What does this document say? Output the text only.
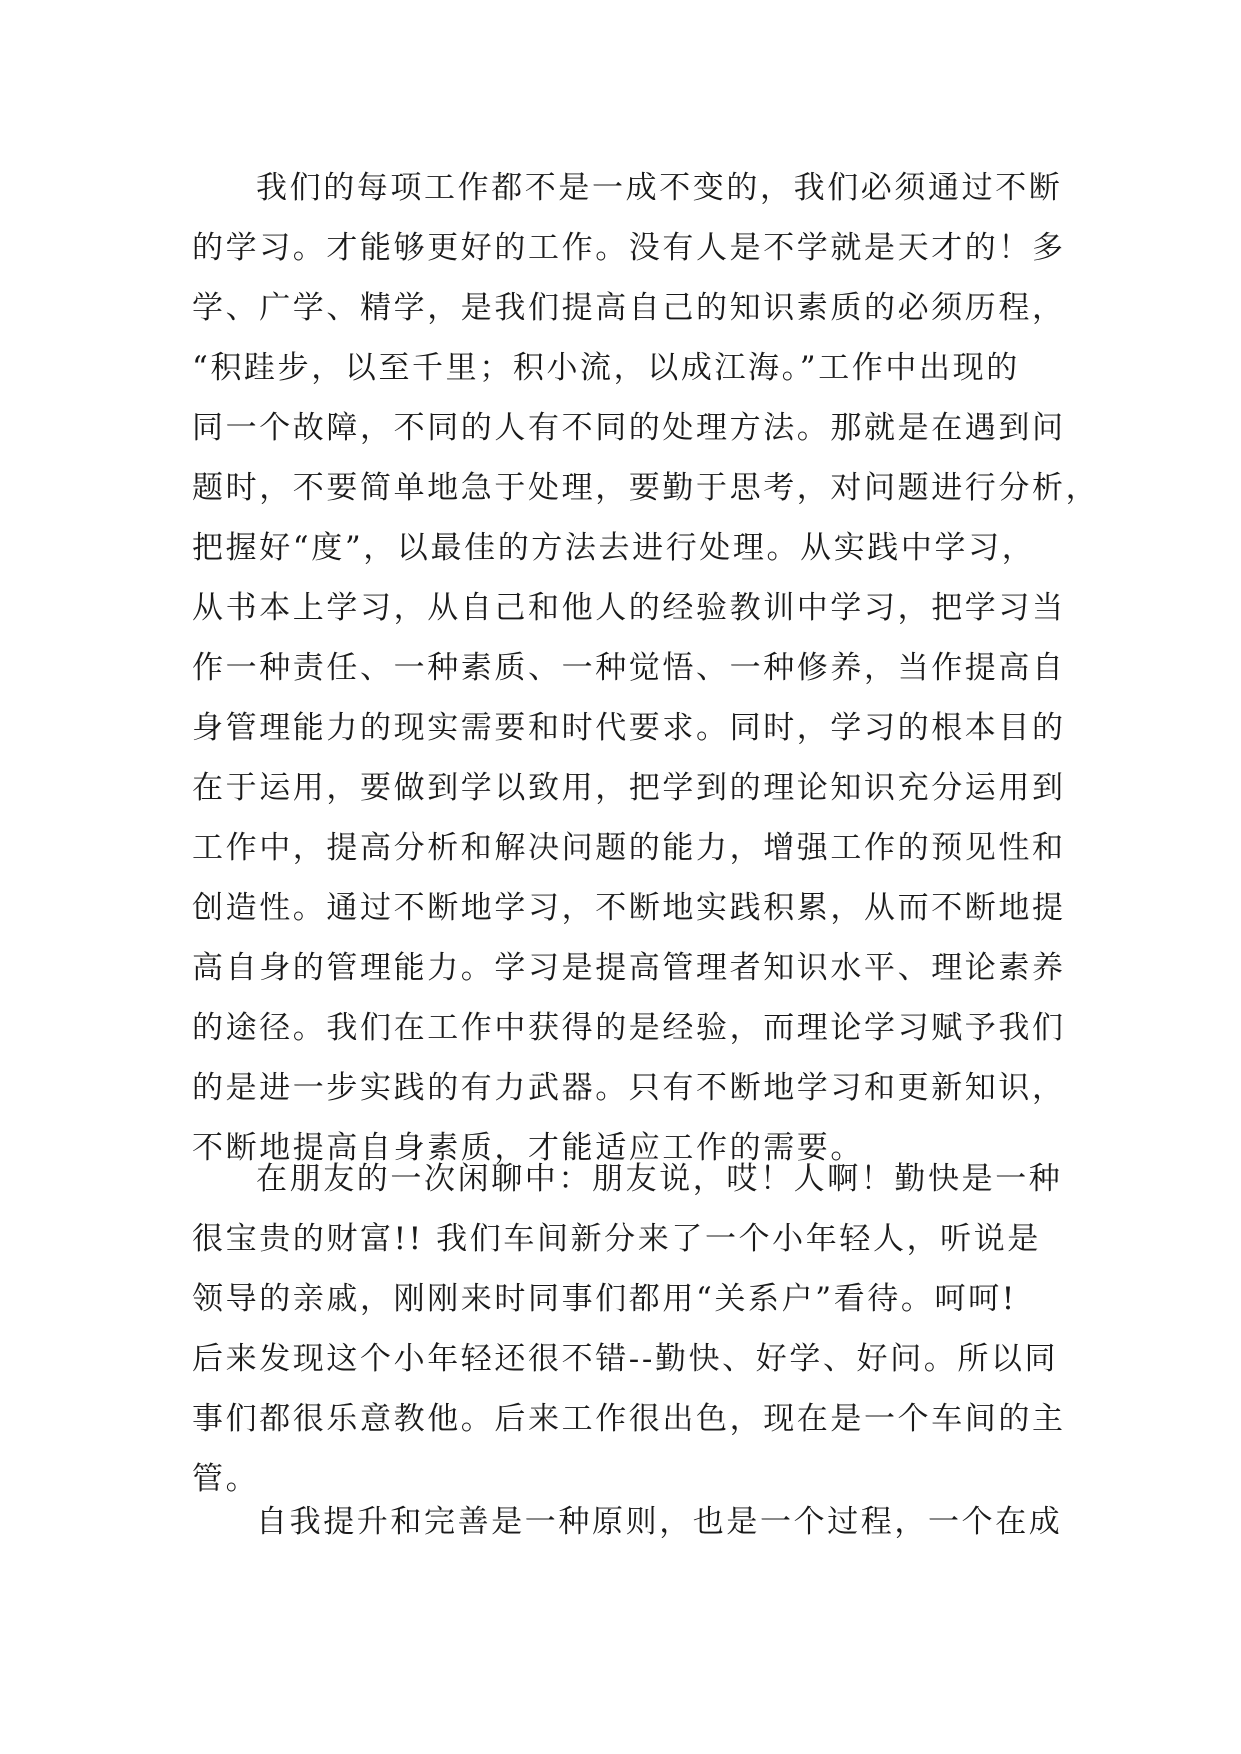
我们的每项工作都不是一成不变的，我们必须通过不断
的学习。才能够更好的工作。没有人是不学就是天才的！多
学、广学、精学，是我们提高自己的知识素质的必须历程，
“积跬步，以至千里；积小流，以成江海。”工作中出现的
同一个故障，不同的人有不同的处理方法。那就是在遇到问
题时，不要简单地急于处理，要勤于思考，对问题进行分析，
把握好“度”，以最佳的方法去进行处理。从实践中学习，
从书本上学习，从自己和他人的经验教训中学习，把学习当
作一种责任、一种素质、一种觉悟、一种修养，当作提高自
身管理能力的现实需要和时代要求。同时，学习的根本目的
在于运用，要做到学以致用，把学到的理论知识充分运用到
工作中，提高分析和解决问题的能力，增强工作的预见性和
创造性。通过不断地学习，不断地实践积累，从而不断地提
高自身的管理能力。学习是提高管理者知识水平、理论素养
的途径。我们在工作中获得的是经验，而理论学习赋予我们
的是进一步实践的有力武器。只有不断地学习和更新知识，
不断地提高自身素质，才能适应工作的需要。
在朋友的一次闲聊中：朋友说，哎！人啊！勤快是一种
很宝贵的财富!! 我们车间新分来了一个小年轻人，听说是
领导的亲戚，刚刚来时同事们都用“关系户”看待。呵呵!
后来发现这个小年轻还很不错--勤快、好学、好问。所以同
事们都很乐意教他。后来工作很出色，现在是一个车间的主
管。
自我提升和完善是一种原则，也是一个过程，一个在成
